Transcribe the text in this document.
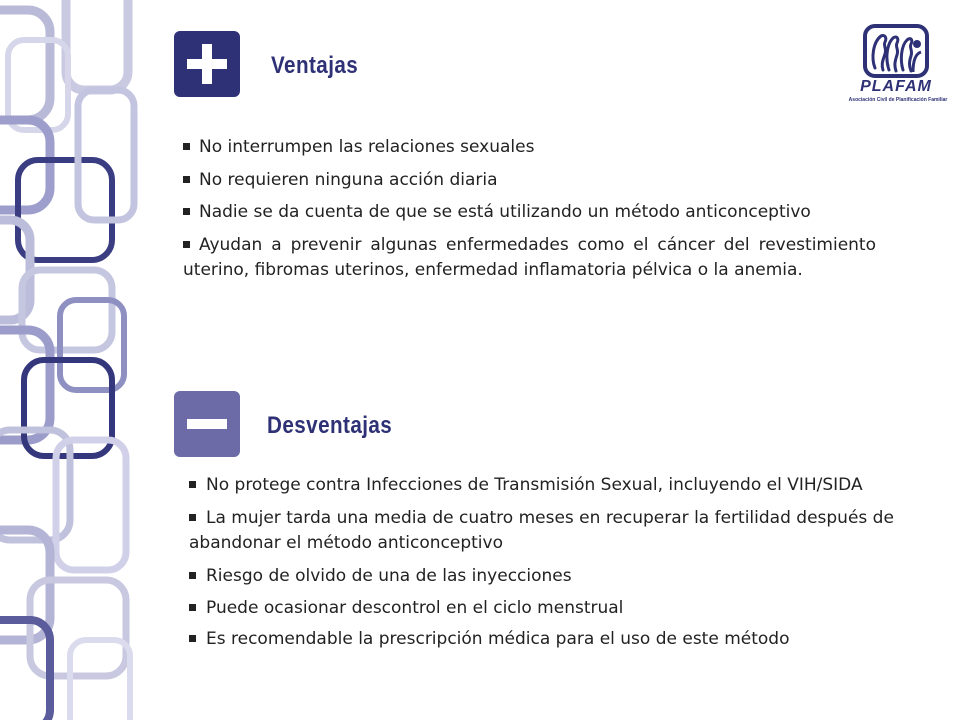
Ventajas
No interrumpen las relaciones sexuales
No requieren ninguna acción diaria
Nadie se da cuenta de que se está utilizando un método anticonceptivo
Ayudan a prevenir algunas enfermedades como el cáncer del revestimiento uterino, fibromas uterinos, enfermedad inflamatoria pélvica o la anemia.
Desventajas
No protege contra Infecciones de Transmisión Sexual, incluyendo el VIH/SIDA
La mujer tarda una media de cuatro meses en recuperar la fertilidad después de abandonar el método anticonceptivo
Riesgo de olvido de una de las inyecciones
Puede ocasionar descontrol en el ciclo menstrual
Es recomendable la prescripción médica para el uso de este método
PLAFAM
Asociación Civil de Planificación Familiar
